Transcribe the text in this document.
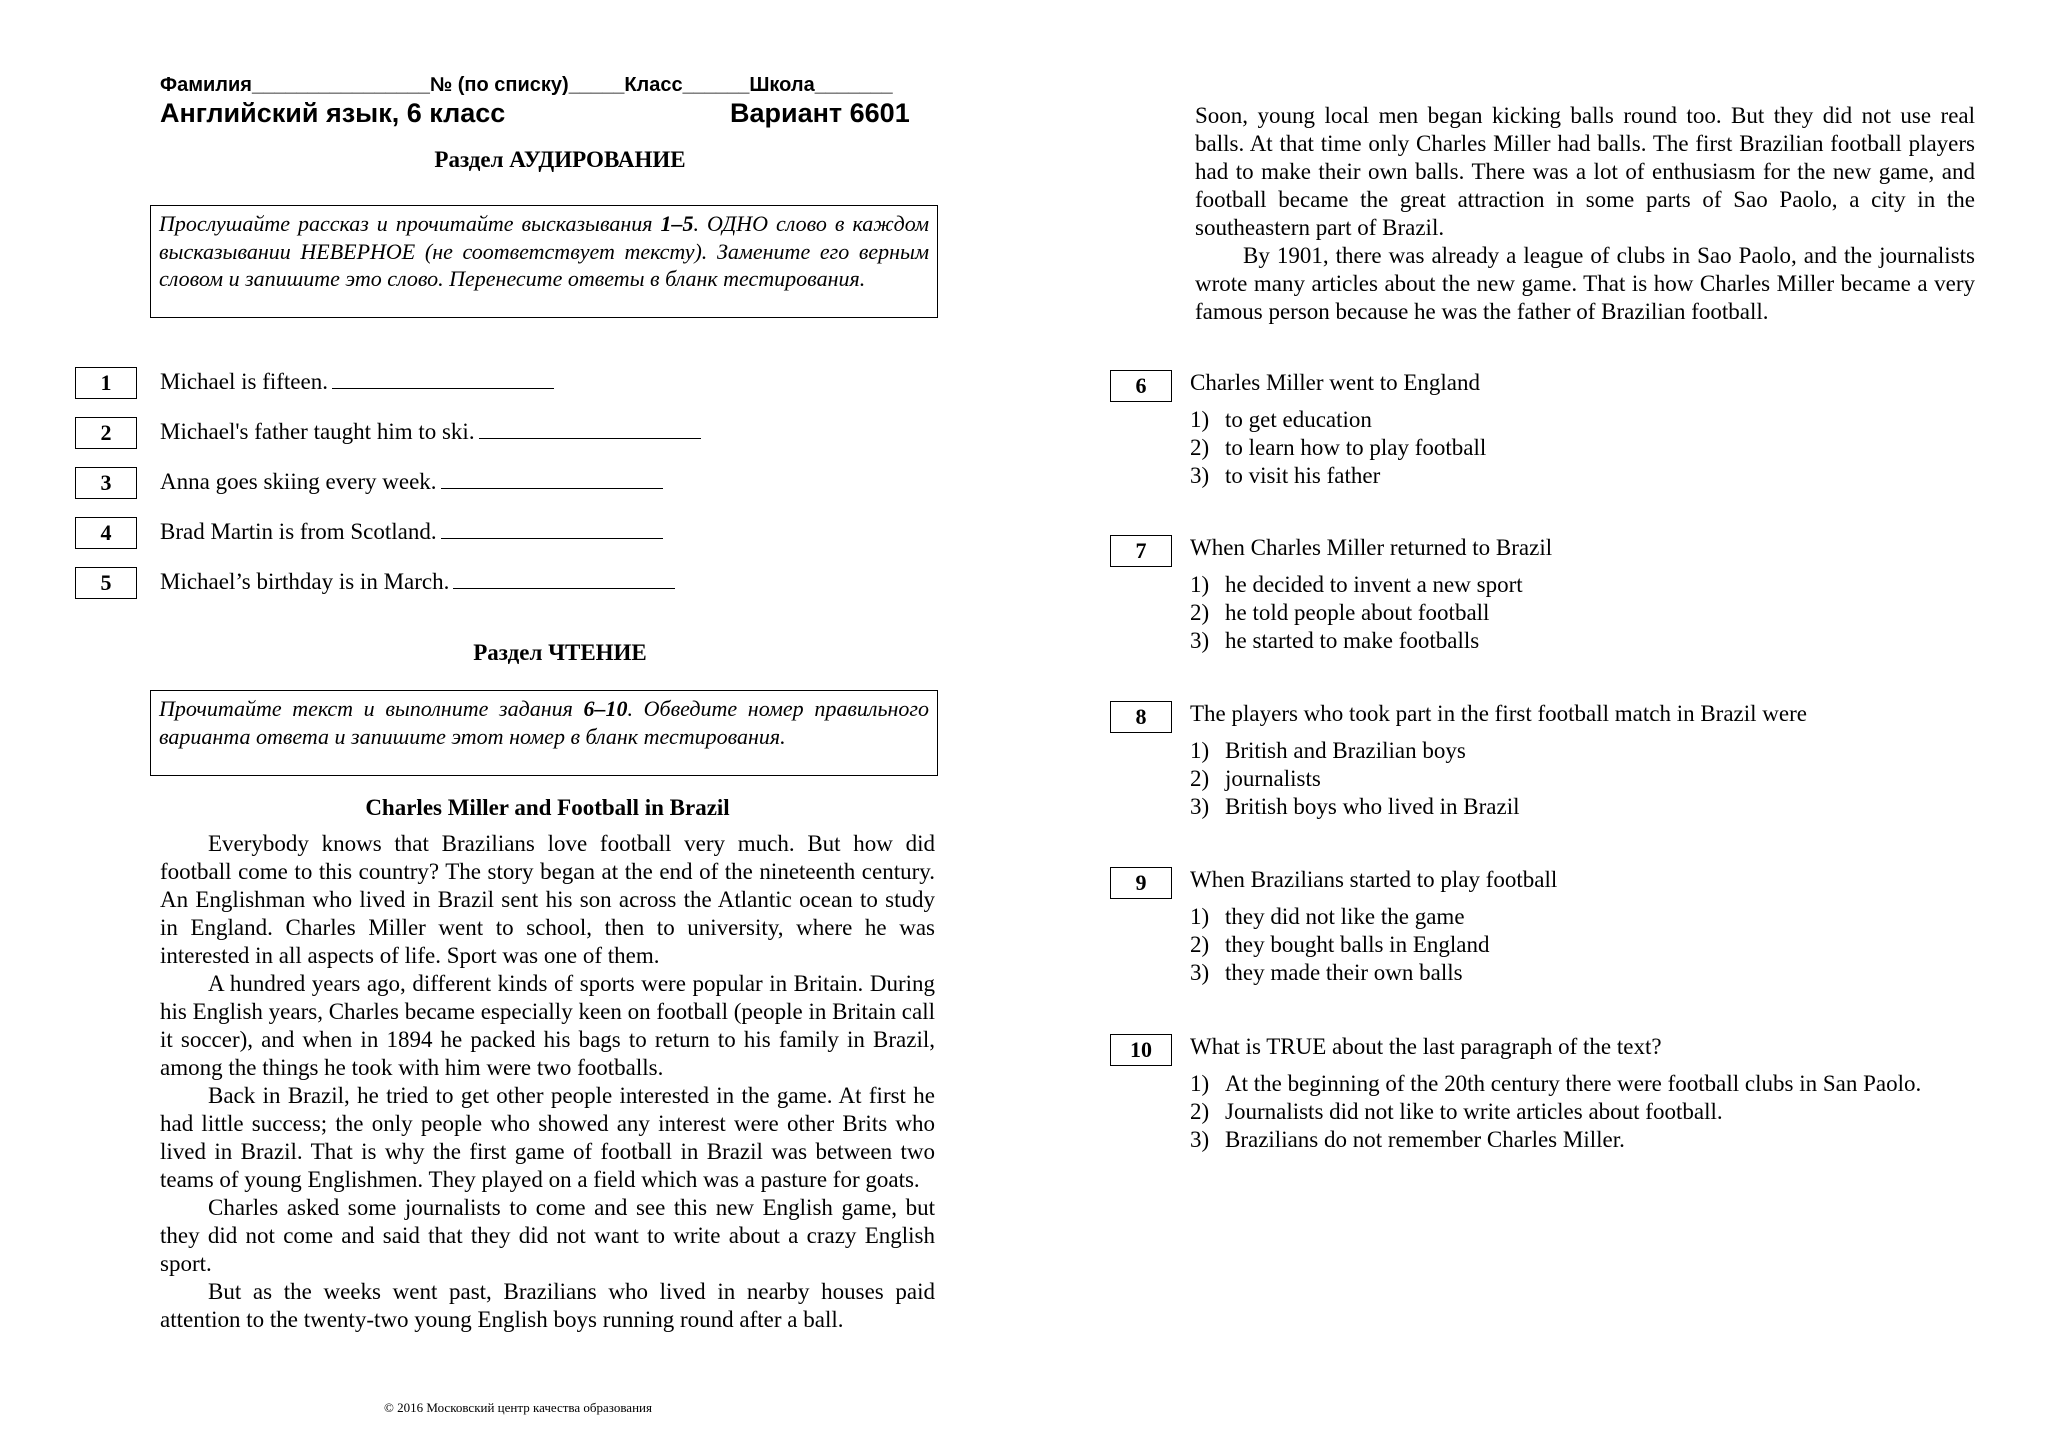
Фамилия________________№ (по списку)_____Класс______Школа_______
Английский язык, 6 класс	Вариант 6601
Раздел АУДИРОВАНИЕ
Прослушайте рассказ и прочитайте высказывания 1–5. ОДНО слово в каждом высказывании НЕВЕРНОЕ (не соответствует тексту). Замените его верным словом и запишите это слово. Перенесите ответы в бланк тестирования.
1	Michael is fifteen.
2	Michael's father taught him to ski.
3	Anna goes skiing every week.
4	Brad Martin is from Scotland.
5	Michael’s birthday is in March.
Раздел ЧТЕНИЕ
Прочитайте текст и выполните задания 6–10. Обведите номер правильного варианта ответа и запишите этот номер в бланк тестирования.
Charles Miller and Football in Brazil

Everybody knows that Brazilians love football very much. But how did football come to this country? The story began at the end of the nineteenth century. An Englishman who lived in Brazil sent his son across the Atlantic ocean to study in England. Charles Miller went to school, then to university, where he was interested in all aspects of life. Sport was one of them.

A hundred years ago, different kinds of sports were popular in Britain. During his English years, Charles became especially keen on football (people in Britain call it soccer), and when in 1894 he packed his bags to return to his family in Brazil, among the things he took with him were two footballs.

Back in Brazil, he tried to get other people interested in the game. At first he had little success; the only people who showed any interest were other Brits who lived in Brazil. That is why the first game of football in Brazil was between two teams of young Englishmen. They played on a field which was a pasture for goats.

Charles asked some journalists to come and see this new English game, but they did not come and said that they did not want to write about a crazy English sport.

But as the weeks went past, Brazilians who lived in nearby houses paid attention to the twenty-two young English boys running round after a ball.

Soon, young local men began kicking balls round too. But they did not use real balls. At that time only Charles Miller had balls. The first Brazilian football players had to make their own balls. There was a lot of enthusiasm for the new game, and football became the great attraction in some parts of Sao Paolo, a city in the southeastern part of Brazil.

By 1901, there was already a league of clubs in Sao Paolo, and the journalists wrote many articles about the new game. That is how Charles Miller became a very famous person because he was the father of Brazilian football.

6	Charles Miller went to England
1) to get education
2) to learn how to play football
3) to visit his father
7	When Charles Miller returned to Brazil
1) he decided to invent a new sport
2) he told people about football
3) he started to make footballs
8	The players who took part in the first football match in Brazil were
1) British and Brazilian boys
2) journalists
3) British boys who lived in Brazil
9	When Brazilians started to play football
1) they did not like the game
2) they bought balls in England
3) they made their own balls
10	What is TRUE about the last paragraph of the text?
1) At the beginning of the 20th century there were football clubs in San Paolo.
2) Journalists did not like to write articles about football.
3) Brazilians do not remember Charles Miller.
© 2016 Московский центр качества образования
